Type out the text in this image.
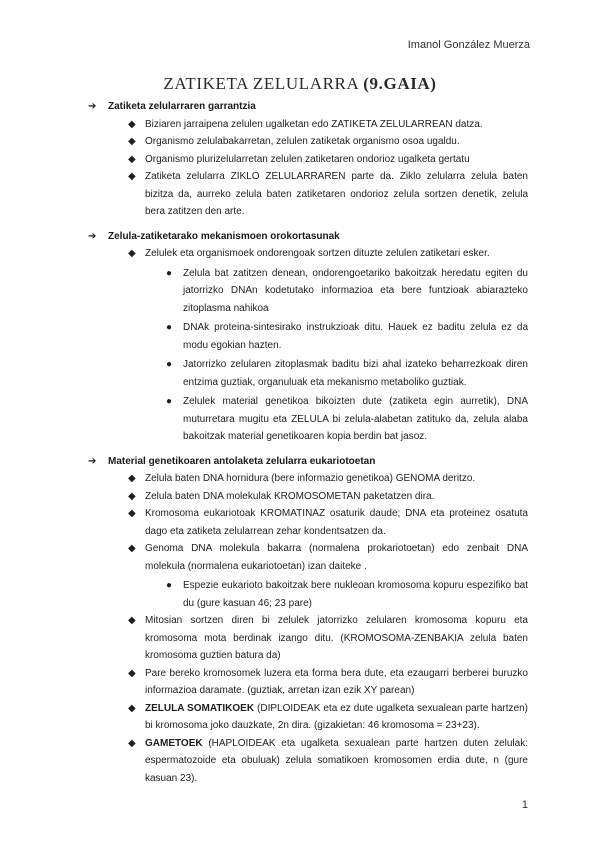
Imanol González Muerza
ZATIKETA ZELULARRA (9.GAIA)
➔ Zatiketa zelularraren garrantzia
◆ Biziaren jarraipena zelulen ugalketan edo ZATIKETA ZELULARREAN datza.
◆ Organismo zelulabakarretan, zelulen zatiketak organismo osoa ugaldu.
◆ Organismo plurizelularretan zelulen zatiketaren ondorioz ugalketa gertatu
◆ Zatiketa zelularra ZIKLO ZELULARRAREN parte da. Ziklo zelularra zelula baten bizitza da, aurreko zelula baten zatiketaren ondorioz zelula sortzen denetik, zelula bera zatitzen den arte.
➔ Zelula-zatiketarako mekanismoen orokortasunak
◆ Zelulek eta organismoek ondorengoak sortzen dituzte zelulen zatiketari esker.
● Zelula bat zatitzen denean, ondorengoetariko bakoitzak heredatu egiten du jatorrizko DNAn kodetutako informazioa eta bere funtzioak abiarazteko zitoplasma nahikoa
● DNAk proteina-sintesirako instrukzioak ditu. Hauek ez baditu zelula ez da modu egokian hazten.
● Jatorrizko zelularen zitoplasmak baditu bizi ahal izateko beharrezkoak diren entzima guztiak, organuluak eta mekanismo metaboliko guztiak.
● Zelulek material genetikoa bikoizten dute (zatiketa egin aurretik), DNA muturretara mugitu eta ZELULA bi zelula-alabetan zatituko da, zelula alaba bakoitzak material genetikoaren kopia berdin bat jasoz.
➔ Material genetikoaren antolaketa zelularra eukariotoetan
◆ Zelula baten DNA hornidura (bere informazio genetikoa) GENOMA deritzo.
◆ Zelula baten DNA molekulak KROMOSOMETAN paketatzen dira.
◆ Kromosoma eukariotoak KROMATINAZ osaturik daude; DNA eta proteinez osatuta dago eta zatiketa zelularrean zehar kondentsatzen da.
◆ Genoma DNA molekula bakarra (normalena prokariotoetan) edo zenbait DNA molekula (normalena eukariotoetan) izan daiteke .
● Espezie eukarioto bakoitzak bere nukleoan kromosoma kopuru espezifiko bat du (gure kasuan 46; 23 pare)
◆ Mitosian sortzen diren bi zelulek jatorrizko zelularen kromosoma kopuru eta kromosoma mota berdinak izango ditu. (KROMOSOMA-ZENBAKIA zelula baten kromosoma guztien batura da)
◆ Pare bereko kromosomek luzera eta forma bera dute, eta ezaugarri berberei buruzko informazioa daramate. (guztiak, arretan izan ezik XY parean)
◆ ZELULA SOMATIKOEK (DIPLOIDEAK eta ez dute ugalketa sexualean parte hartzen) bi kromosoma joko dauzkate, 2n dira. (gizakietan: 46 kromosoma = 23+23).
◆ GAMETOEK (HAPLOIDEAK eta ugalketa sexualean parte hartzen duten zelulak: espermatozoide eta obuluak) zelula somatikoen kromosomen erdia dute, n (gure kasuan 23).
1
